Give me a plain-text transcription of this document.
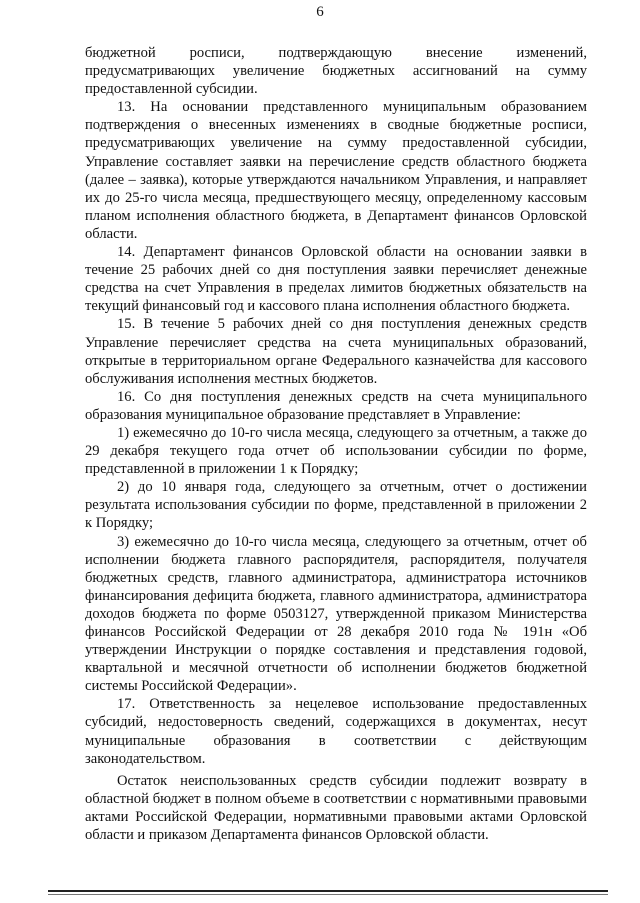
6

бюджетной росписи, подтверждающую внесение изменений, предусматривающих увеличение бюджетных ассигнований на сумму предоставленной субсидии.

13. На основании представленного муниципальным образованием подтверждения о внесенных изменениях в сводные бюджетные росписи, предусматривающих увеличение на сумму предоставленной субсидии, Управление составляет заявки на перечисление средств областного бюджета (далее – заявка), которые утверждаются начальником Управления, и направляет их до 25-го числа месяца, предшествующего месяцу, определенному кассовым планом исполнения областного бюджета, в Департамент финансов Орловской области.

14. Департамент финансов Орловской области на основании заявки в течение 25 рабочих дней со дня поступления заявки перечисляет денежные средства на счет Управления в пределах лимитов бюджетных обязательств на текущий финансовый год и кассового плана исполнения областного бюджета.

15. В течение 5 рабочих дней со дня поступления денежных средств Управление перечисляет средства на счета муниципальных образований, открытые в территориальном органе Федерального казначейства для кассового обслуживания исполнения местных бюджетов.

16. Со дня поступления денежных средств на счета муниципального образования муниципальное образование представляет в Управление:

1) ежемесячно до 10-го числа месяца, следующего за отчетным, а также до 29 декабря текущего года отчет об использовании субсидии по форме, представленной в приложении 1 к Порядку;

2) до 10 января года, следующего за отчетным, отчет о достижении результата использования субсидии по форме, представленной в приложении 2 к Порядку;

3) ежемесячно до 10-го числа месяца, следующего за отчетным, отчет об исполнении бюджета главного распорядителя, распорядителя, получателя бюджетных средств, главного администратора, администратора источников финансирования дефицита бюджета, главного администратора, администратора доходов бюджета по форме 0503127, утвержденной приказом Министерства финансов Российской Федерации от 28 декабря 2010 года № 191н «Об утверждении Инструкции о порядке составления и представления годовой, квартальной и месячной отчетности об исполнении бюджетов бюджетной системы Российской Федерации».

17. Ответственность за нецелевое использование предоставленных субсидий, недостоверность сведений, содержащихся в документах, несут муниципальные образования в соответствии с действующим законодательством.

Остаток неиспользованных средств субсидии подлежит возврату в областной бюджет в полном объеме в соответствии с нормативными правовыми актами Российской Федерации, нормативными правовыми актами Орловской области и приказом Департамента финансов Орловской области.
